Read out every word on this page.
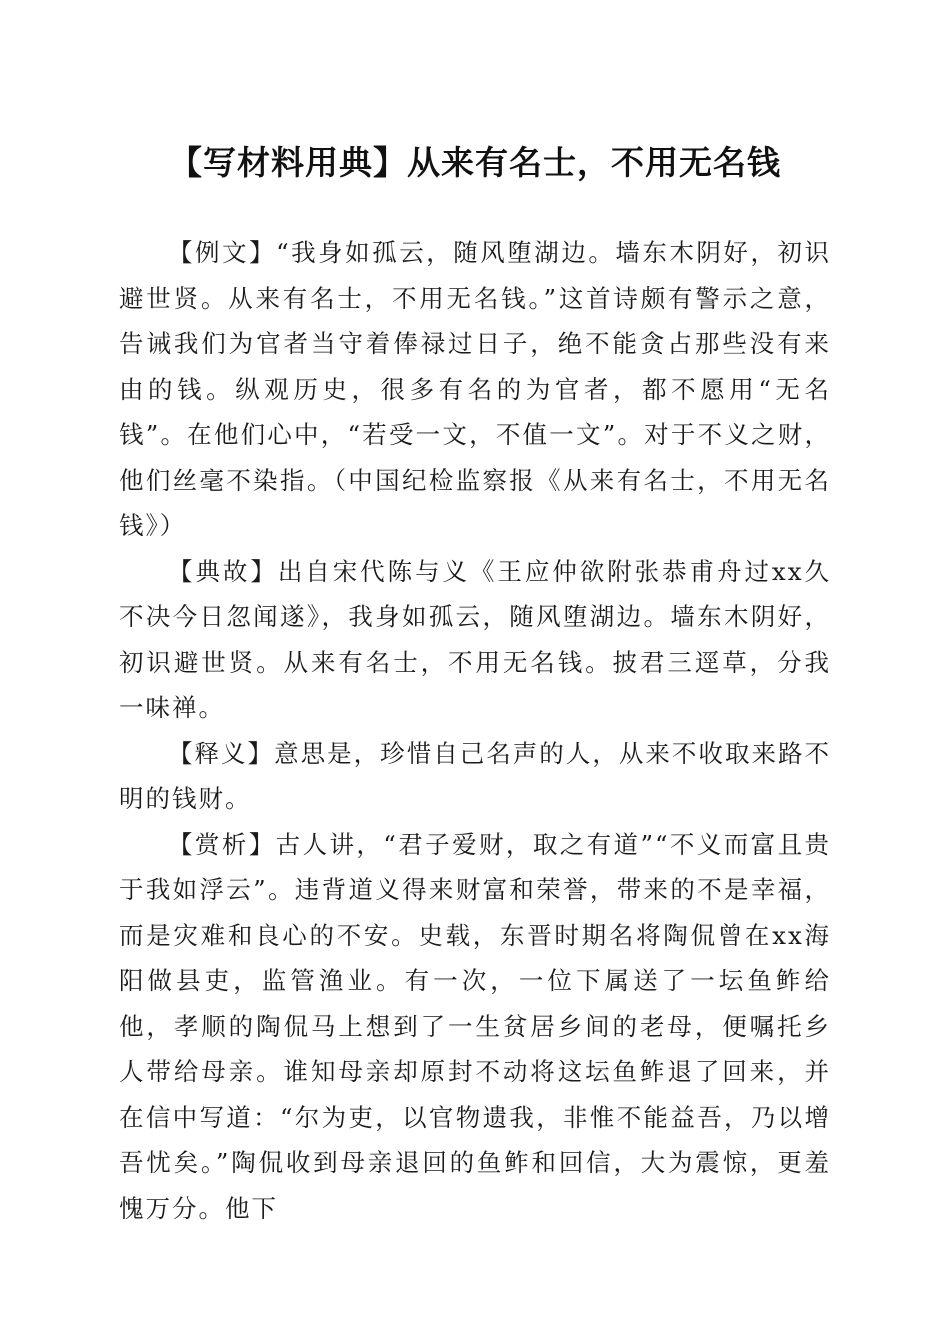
【写材料用典】从来有名士，不用无名钱

【例文】“我身如孤云，随风堕湖边。墙东木阴好，初识避世贤。从来有名士，不用无名钱。”这首诗颇有警示之意，告诫我们为官者当守着俸禄过日子，绝不能贪占那些没有来由的钱。纵观历史，很多有名的为官者，都不愿用“无名钱”。在他们心中，“若受一文，不值一文”。对于不义之财，他们丝毫不染指。（中国纪检监察报《从来有名士，不用无名钱》）

【典故】出自宋代陈与义《王应仲欲附张恭甫舟过xx久不决今日忽闻遂》，我身如孤云，随风堕湖边。墙东木阴好，初识避世贤。从来有名士，不用无名钱。披君三逕草，分我一味禅。

【释义】意思是，珍惜自己名声的人，从来不收取来路不明的钱财。

【赏析】古人讲，“君子爱财，取之有道”“不义而富且贵于我如浮云”。违背道义得来财富和荣誉，带来的不是幸福，而是灾难和良心的不安。史载，东晋时期名将陶侃曾在xx海阳做县吏，监管渔业。有一次，一位下属送了一坛鱼鲊给他，孝顺的陶侃马上想到了一生贫居乡间的老母，便嘱托乡人带给母亲。谁知母亲却原封不动将这坛鱼鲊退了回来，并在信中写道：“尔为吏，以官物遗我，非惟不能益吾，乃以增吾忧矣。”陶侃收到母亲退回的鱼鲊和回信，大为震惊，更羞愧万分。他下
